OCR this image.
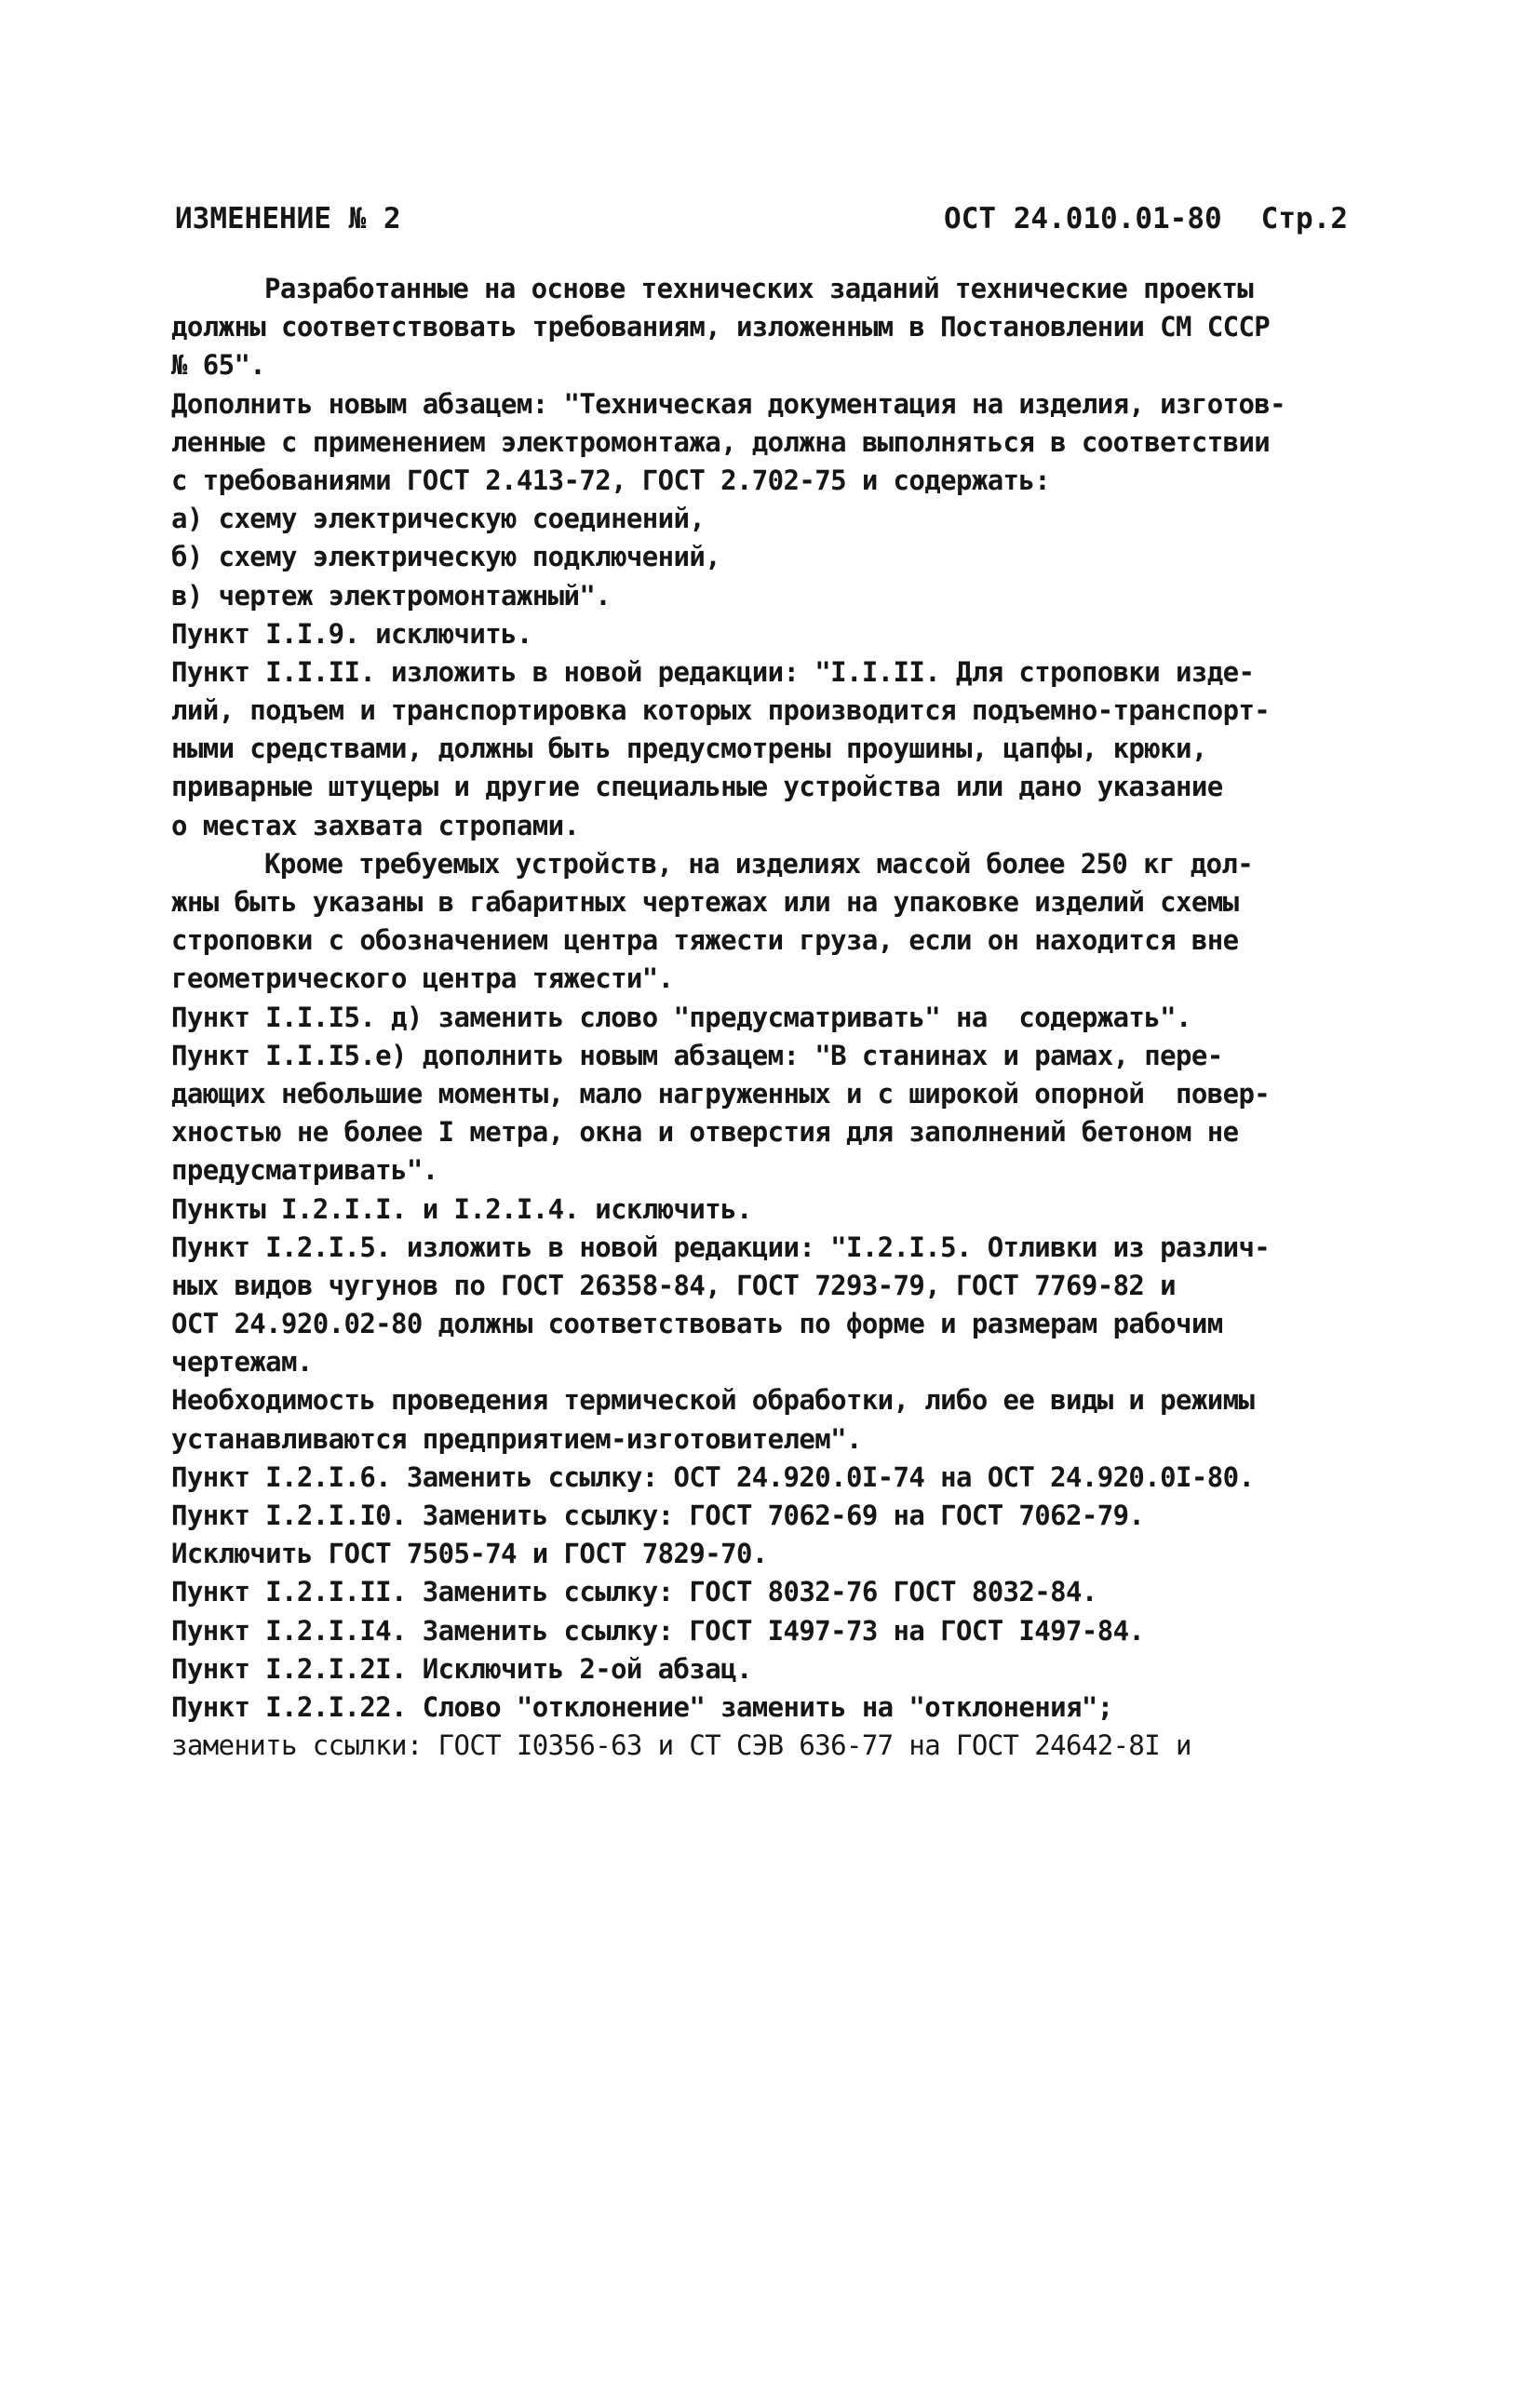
ИЗМЕНЕНИЕ № 2	ОСТ 24.010.01-80 Стр.2
Разработанные на основе технических заданий технические проекты
должны соответствовать требованиям, изложенным в Постановлении СМ СССР
№ 65".
Дополнить новым абзацем: "Техническая документация на изделия, изготов-
ленные с применением электромонтажа, должна выполняться в соответствии
с требованиями ГОСТ 2.413-72, ГОСТ 2.702-75 и содержать:
а) схему электрическую соединений,
б) схему электрическую подключений,
в) чертеж электромонтажный".
Пункт I.I.9. исключить.
Пункт I.I.II. изложить в новой редакции: "I.I.II. Для строповки изде-
лий, подъем и транспортировка которых производится подъемно-транспорт-
ными средствами, должны быть предусмотрены проушины, цапфы, крюки,
приварные штуцеры и другие специальные устройства или дано указание
о местах захвата стропами.
Кроме требуемых устройств, на изделиях массой более 250 кг дол-
жны быть указаны в габаритных чертежах или на упаковке изделий схемы
строповки с обозначением центра тяжести груза, если он находится вне
геометрического центра тяжести".
Пункт I.I.I5. д) заменить слово "предусматривать" на  содержать".
Пункт I.I.I5.е) дополнить новым абзацем: "В станинах и рамах, пере-
дающих небольшие моменты, мало нагруженных и с широкой опорной  повер-
хностью не более I метра, окна и отверстия для заполнений бетоном не
предусматривать".
Пункты I.2.I.I. и I.2.I.4. исключить.
Пункт I.2.I.5. изложить в новой редакции: "I.2.I.5. Отливки из различ-
ных видов чугунов по ГОСТ 26358-84, ГОСТ 7293-79, ГОСТ 7769-82 и
ОСТ 24.920.02-80 должны соответствовать по форме и размерам рабочим
чертежам.
Необходимость проведения термической обработки, либо ее виды и режимы
устанавливаются предприятием-изготовителем".
Пункт I.2.I.6. Заменить ссылку: ОСТ 24.920.0I-74 на ОСТ 24.920.0I-80.
Пункт I.2.I.I0. Заменить ссылку: ГОСТ 7062-69 на ГОСТ 7062-79.
Исключить ГОСТ 7505-74 и ГОСТ 7829-70.
Пункт I.2.I.II. Заменить ссылку: ГОСТ 8032-76 ГОСТ 8032-84.
Пункт I.2.I.I4. Заменить ссылку: ГОСТ I497-73 на ГОСТ I497-84.
Пункт I.2.I.2I. Исключить 2-ой абзац.
Пункт I.2.I.22. Слово "отклонение" заменить на "отклонения";
заменить ссылки: ГОСТ I0356-63 и СТ СЭВ 636-77 на ГОСТ 24642-8I и
